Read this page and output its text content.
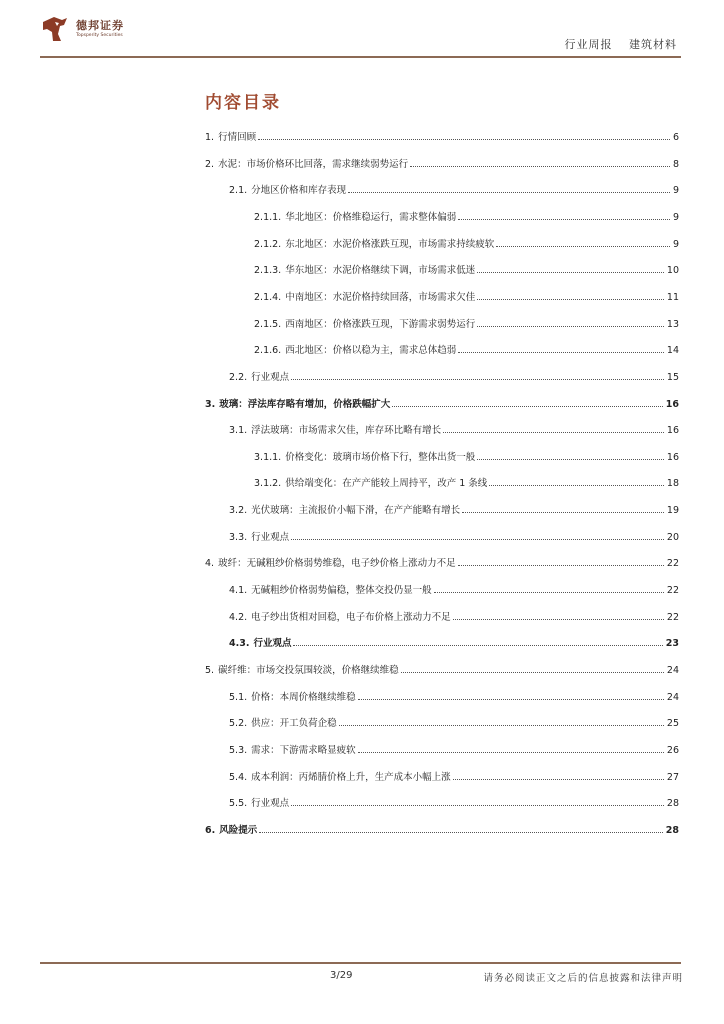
德邦证券
Topsperity Securities
行业周报 建筑材料
内容目录
1. 行情回顾	6
2. 水泥：市场价格环比回落，需求继续弱势运行	8
2.1. 分地区价格和库存表现	9
2.1.1. 华北地区：价格维稳运行，需求整体偏弱	9
2.1.2. 东北地区：水泥价格涨跌互现，市场需求持续疲软	9
2.1.3. 华东地区：水泥价格继续下调，市场需求低迷	10
2.1.4. 中南地区：水泥价格持续回落，市场需求欠佳	11
2.1.5. 西南地区：价格涨跌互现，下游需求弱势运行	13
2.1.6. 西北地区：价格以稳为主，需求总体趋弱	14
2.2. 行业观点	15
3. 玻璃：浮法库存略有增加，价格跌幅扩大	16
3.1. 浮法玻璃：市场需求欠佳，库存环比略有增长	16
3.1.1. 价格变化：玻璃市场价格下行，整体出货一般	16
3.1.2. 供给端变化：在产产能较上周持平，改产 1 条线	18
3.2. 光伏玻璃：主流报价小幅下滑，在产产能略有增长	19
3.3. 行业观点	20
4. 玻纤：无碱粗纱价格弱势维稳，电子纱价格上涨动力不足	22
4.1. 无碱粗纱价格弱势偏稳，整体交投仍显一般	22
4.2. 电子纱出货相对回稳，电子布价格上涨动力不足	22
4.3. 行业观点	23
5. 碳纤维：市场交投氛围较淡，价格继续维稳	24
5.1. 价格：本周价格继续维稳	24
5.2. 供应：开工负荷企稳	25
5.3. 需求：下游需求略显疲软	26
5.4. 成本利润：丙烯腈价格上升，生产成本小幅上涨	27
5.5. 行业观点	28
6. 风险提示	28
3/29	请务必阅读正文之后的信息披露和法律声明
